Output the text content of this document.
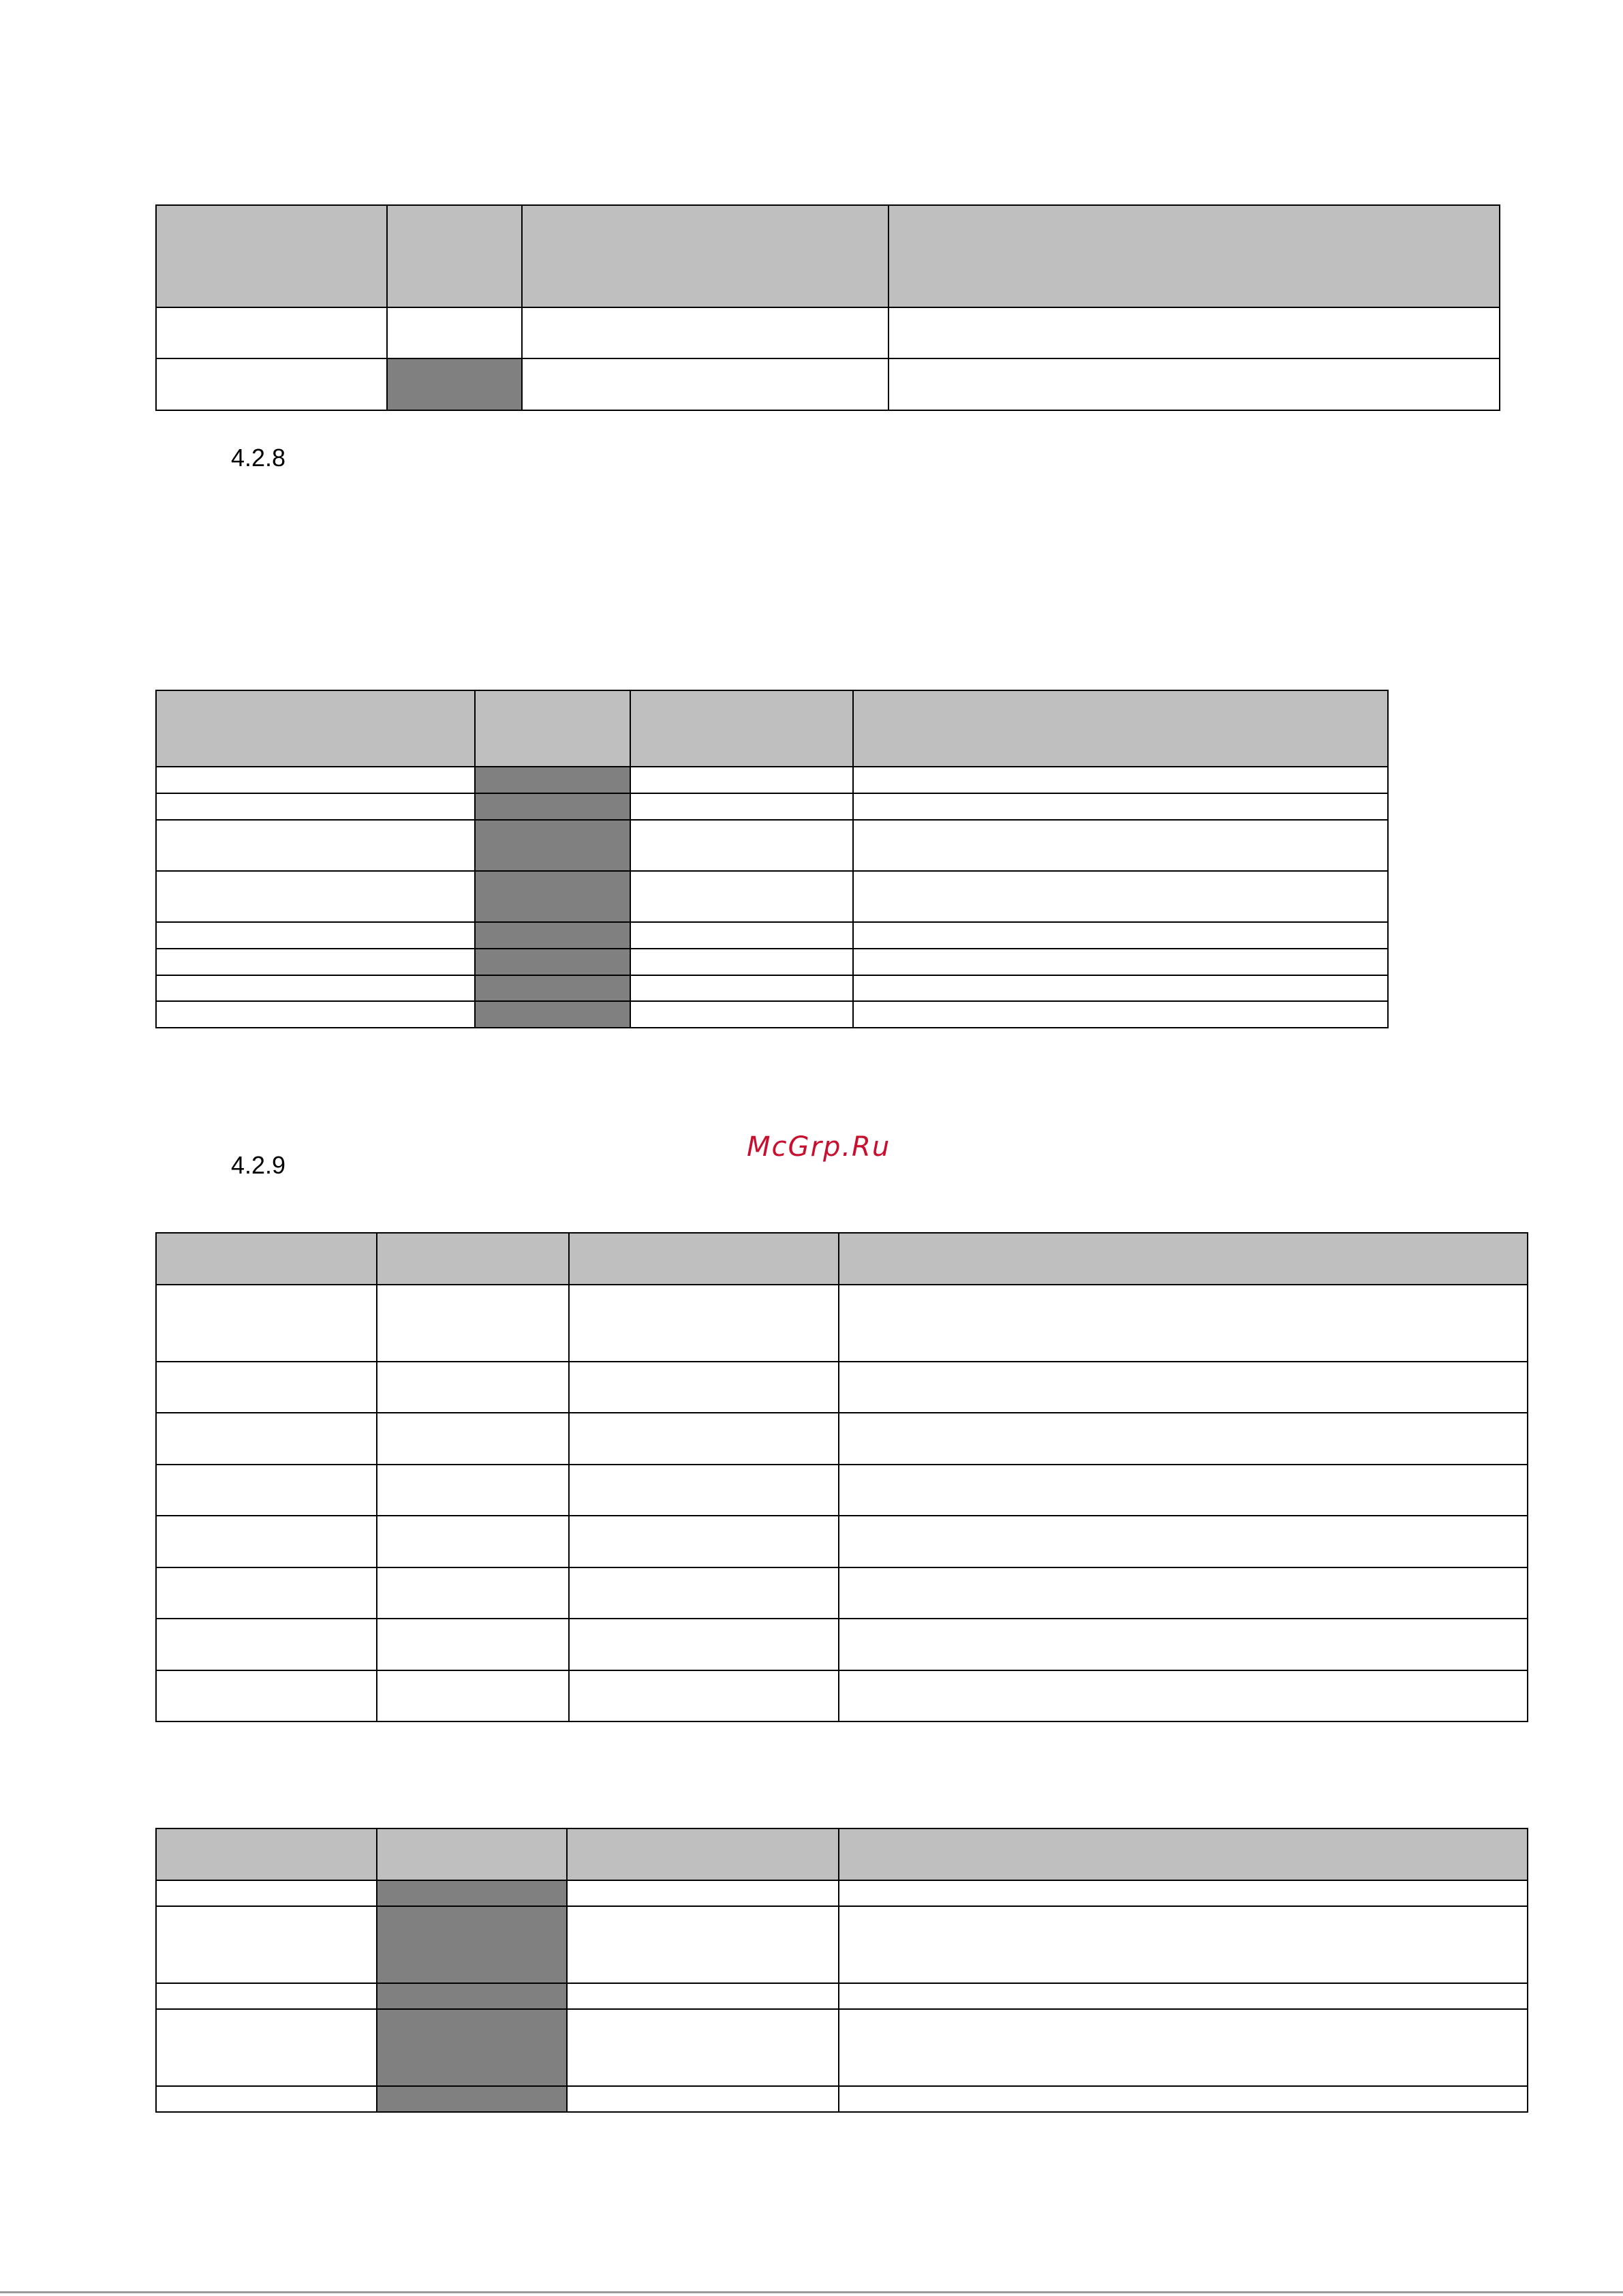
4.2.8

McGrp.Ru
4.2.9
